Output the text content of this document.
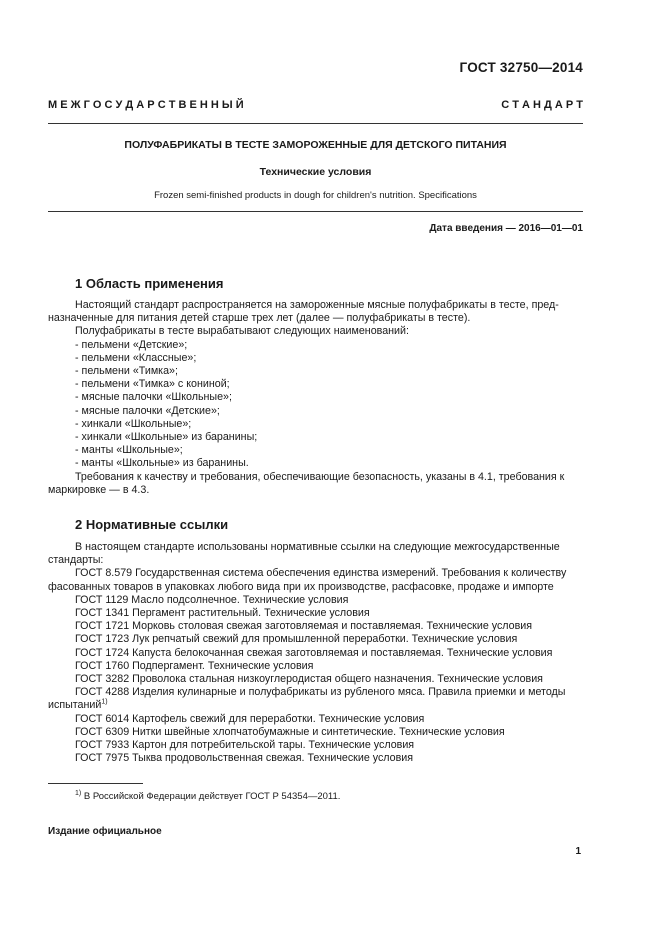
ГОСТ 32750—2014
М Е Ж Г О С У Д А Р С Т В Е Н Н Ы Й	С Т А Н Д А Р Т
ПОЛУФАБРИКАТЫ В ТЕСТЕ ЗАМОРОЖЕННЫЕ ДЛЯ ДЕТСКОГО ПИТАНИЯ
Технические условия
Frozen semi-finished products in dough for children's nutrition. Specifications
Дата введения — 2016—01—01
1 Область применения

Настоящий стандарт распространяется на замороженные мясные полуфабрикаты в тесте, пред-

назначенные для питания детей старше трех лет (далее — полуфабрикаты в тесте).

Полуфабрикаты в тесте вырабатывают следующих наименований:

- пельмени «Детские»;

- пельмени «Классные»;

- пельмени «Тимка»;

- пельмени «Тимка» с кониной;

- мясные палочки «Школьные»;

- мясные палочки «Детские»;

- хинкали «Школьные»;

- хинкали «Школьные» из баранины;

- манты «Школьные»;

- манты «Школьные» из баранины.

Требования к качеству и требования, обеспечивающие безопасность, указаны в 4.1, требования к

маркировке — в 4.3.

2 Нормативные ссылки

В настоящем стандарте использованы нормативные ссылки на следующие межгосударственные

стандарты:

ГОСТ 8.579 Государственная система обеспечения единства измерений. Требования к количеству

фасованных товаров в упаковках любого вида при их производстве, расфасовке, продаже и импорте

ГОСТ 1129 Масло подсолнечное. Технические условия

ГОСТ 1341 Пергамент растительный. Технические условия

ГОСТ 1721 Морковь столовая свежая заготовляемая и поставляемая. Технические условия

ГОСТ 1723 Лук репчатый свежий для промышленной переработки. Технические условия

ГОСТ 1724 Капуста белокочанная свежая заготовляемая и поставляемая. Технические условия

ГОСТ 1760 Подпергамент. Технические условия

ГОСТ 3282 Проволока стальная низкоуглеродистая общего назначения. Технические условия

ГОСТ 4288 Изделия кулинарные и полуфабрикаты из рубленого мяса. Правила приемки и методы

испытаний$^{1)}$

ГОСТ 6014 Картофель свежий для переработки. Технические условия

ГОСТ 6309 Нитки швейные хлопчатобумажные и синтетические. Технические условия

ГОСТ 7933 Картон для потребительской тары. Технические условия

ГОСТ 7975 Тыква продовольственная свежая. Технические условия

$^{1)}$ В Российской Федерации действует ГОСТ Р 54354—2011.
Издание официальное
1
